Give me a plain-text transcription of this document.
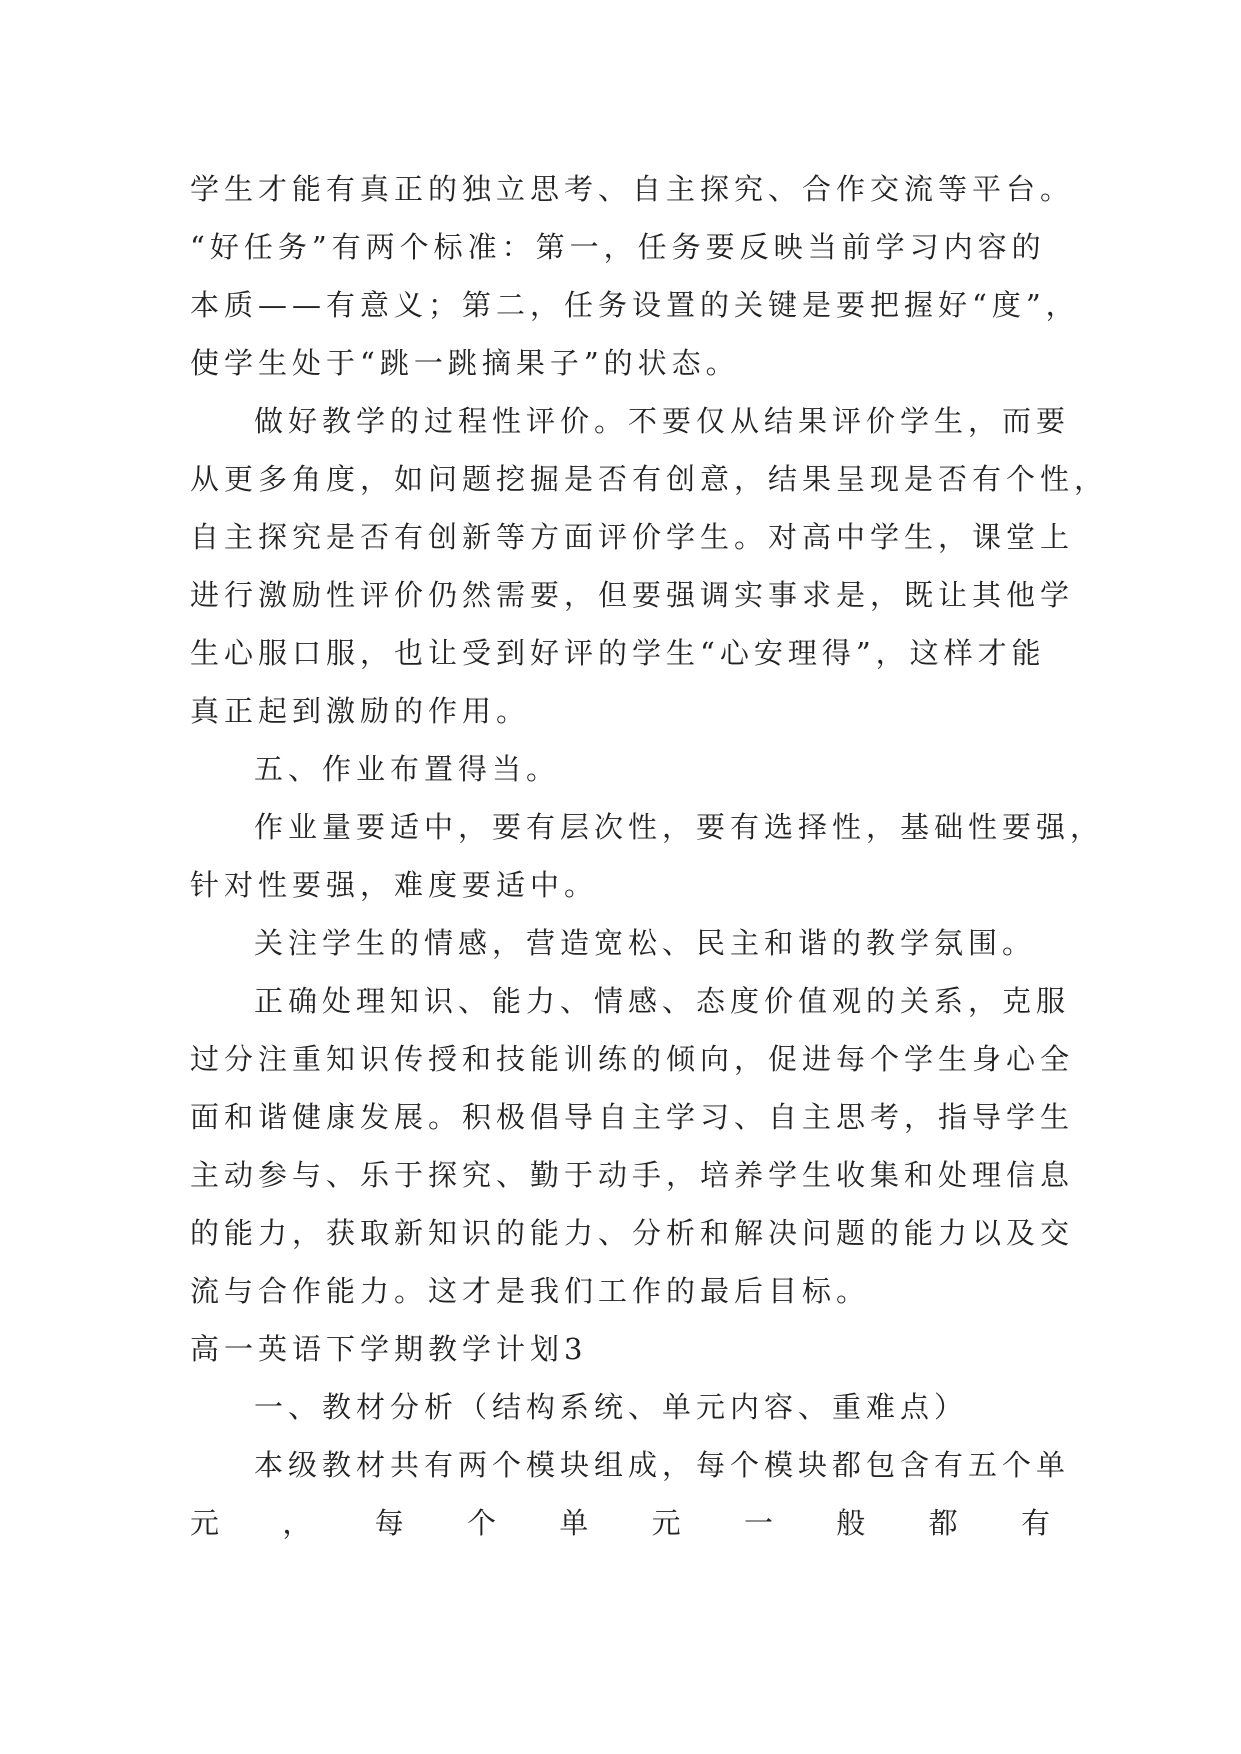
学生才能有真正的独立思考、自主探究、合作交流等平台。
“好任务”有两个标准：第一，任务要反映当前学习内容的
本质——有意义；第二，任务设置的关键是要把握好“度”，
使学生处于“跳一跳摘果子”的状态。
做好教学的过程性评价。不要仅从结果评价学生，而要
从更多角度，如问题挖掘是否有创意，结果呈现是否有个性，
自主探究是否有创新等方面评价学生。对高中学生，课堂上
进行激励性评价仍然需要，但要强调实事求是，既让其他学
生心服口服，也让受到好评的学生“心安理得”，这样才能
真正起到激励的作用。
五、作业布置得当。
作业量要适中，要有层次性，要有选择性，基础性要强，
针对性要强，难度要适中。
关注学生的情感，营造宽松、民主和谐的教学氛围。
正确处理知识、能力、情感、态度价值观的关系，克服
过分注重知识传授和技能训练的倾向，促进每个学生身心全
面和谐健康发展。积极倡导自主学习、自主思考，指导学生
主动参与、乐于探究、勤于动手，培养学生收集和处理信息
的能力，获取新知识的能力、分析和解决问题的能力以及交
流与合作能力。这才是我们工作的最后目标。
高一英语下学期教学计划3
一、教材分析（结构系统、单元内容、重难点）
本级教材共有两个模块组成，每个模块都包含有五个单
元 ， 每 个 单 元 一 般 都 有
